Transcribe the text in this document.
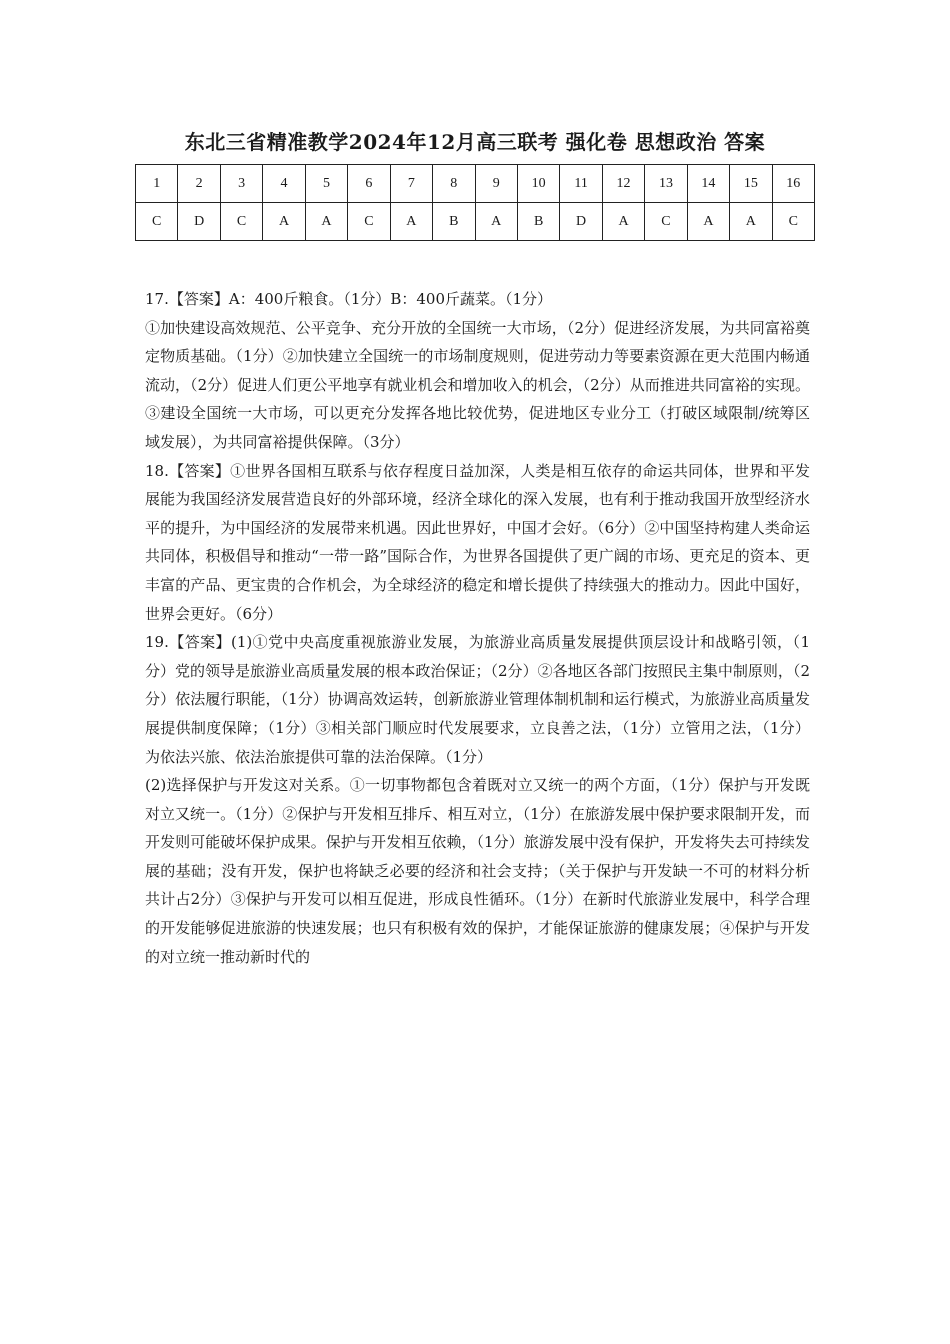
东北三省精准教学2024年12月高三联考 强化卷 思想政治 答案
1	2	3	4	5	6	7	8	9	10	11	12	13	14	15	16
C	D	C	A	A	C	A	B	A	B	D	A	C	A	A	C

17.【答案】A：400斤粮食。（1分）B：400斤蔬菜。（1分）

①加快建设高效规范、公平竞争、充分开放的全国统一大市场，（2分）促进经济发展，为共同富裕奠定物质基础。（1分）②加快建立全国统一的市场制度规则，促进劳动力等要素资源在更大范围内畅通流动，（2分）促进人们更公平地享有就业机会和增加收入的机会，（2分）从而推进共同富裕的实现。③建设全国统一大市场，可以更充分发挥各地比较优势，促进地区专业分工（打破区域限制/统筹区域发展），为共同富裕提供保障。（3分）

18.【答案】①世界各国相互联系与依存程度日益加深，人类是相互依存的命运共同体，世界和平发展能为我国经济发展营造良好的外部环境，经济全球化的深入发展，也有利于推动我国开放型经济水平的提升，为中国经济的发展带来机遇。因此世界好，中国才会好。（6分）②中国坚持构建人类命运共同体，积极倡导和推动“一带一路”国际合作，为世界各国提供了更广阔的市场、更充足的资本、更丰富的产品、更宝贵的合作机会，为全球经济的稳定和增长提供了持续强大的推动力。因此中国好，世界会更好。（6分）

19.【答案】(1)①党中央高度重视旅游业发展，为旅游业高质量发展提供顶层设计和战略引领，（1分）党的领导是旅游业高质量发展的根本政治保证；（2分）②各地区各部门按照民主集中制原则，（2分）依法履行职能，（1分）协调高效运转，创新旅游业管理体制机制和运行模式，为旅游业高质量发展提供制度保障；（1分）③相关部门顺应时代发展要求，立良善之法，（1分）立管用之法，（1分）为依法兴旅、依法治旅提供可靠的法治保障。（1分）

(2)选择保护与开发这对关系。①一切事物都包含着既对立又统一的两个方面，（1分）保护与开发既对立又统一。（1分）②保护与开发相互排斥、相互对立，（1分）在旅游发展中保护要求限制开发，而开发则可能破坏保护成果。保护与开发相互依赖，（1分）旅游发展中没有保护，开发将失去可持续发展的基础；没有开发，保护也将缺乏必要的经济和社会支持；（关于保护与开发缺一不可的材料分析共计占2分）③保护与开发可以相互促进，形成良性循环。（1分）在新时代旅游业发展中，科学合理的开发能够促进旅游的快速发展；也只有积极有效的保护，才能保证旅游的健康发展；④保护与开发的对立统一推动新时代的
